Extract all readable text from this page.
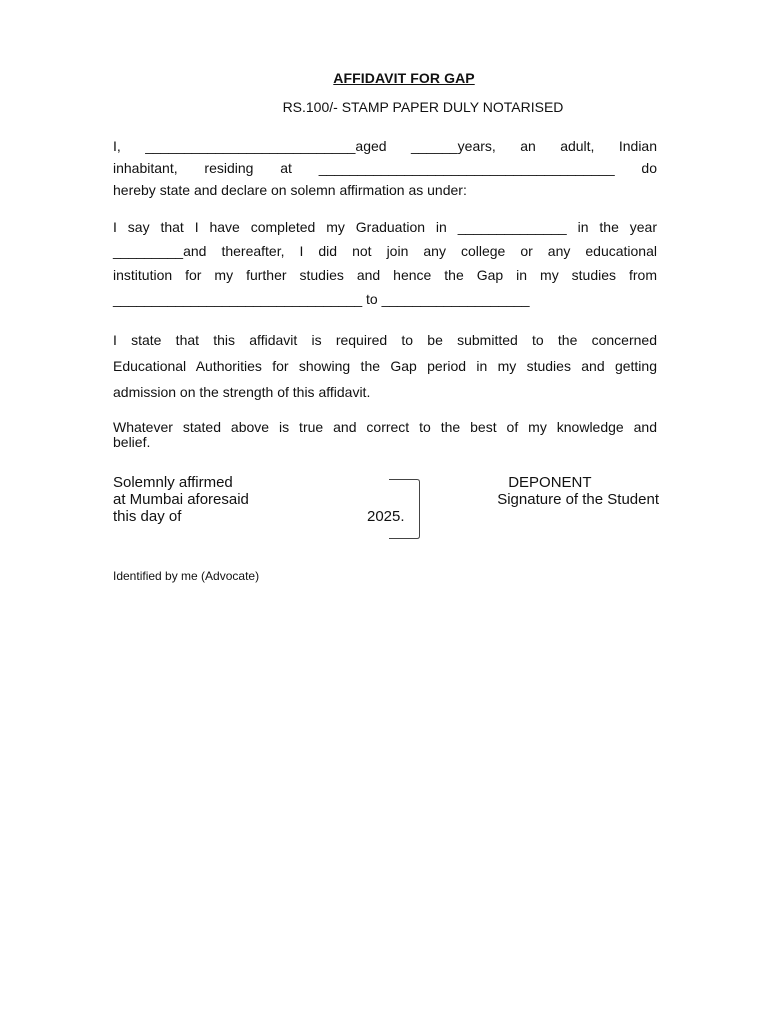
AFFIDAVIT FOR GAP
RS.100/- STAMP PAPER DULY NOTARISED
I, ___________________________aged ______years, an adult, Indian
inhabitant, residing at ______________________________________ do
hereby state and declare on solemn affirmation as under:
I say that I have completed my Graduation in ______________ in the year
_________and thereafter, I did not join any college or any educational
institution for my further studies and hence the Gap in my studies from
________________________________ to ___________________
I state that this affidavit is required to be submitted to the concerned
Educational Authorities for showing the Gap period in my studies and getting
admission on the strength of this affidavit.
Whatever stated above is true and correct to the best of my knowledge and
belief.
Solemnly affirmed
at Mumbai aforesaid
this day of	2025.
DEPONENT
Signature of the Student
Identified by me (Advocate)
